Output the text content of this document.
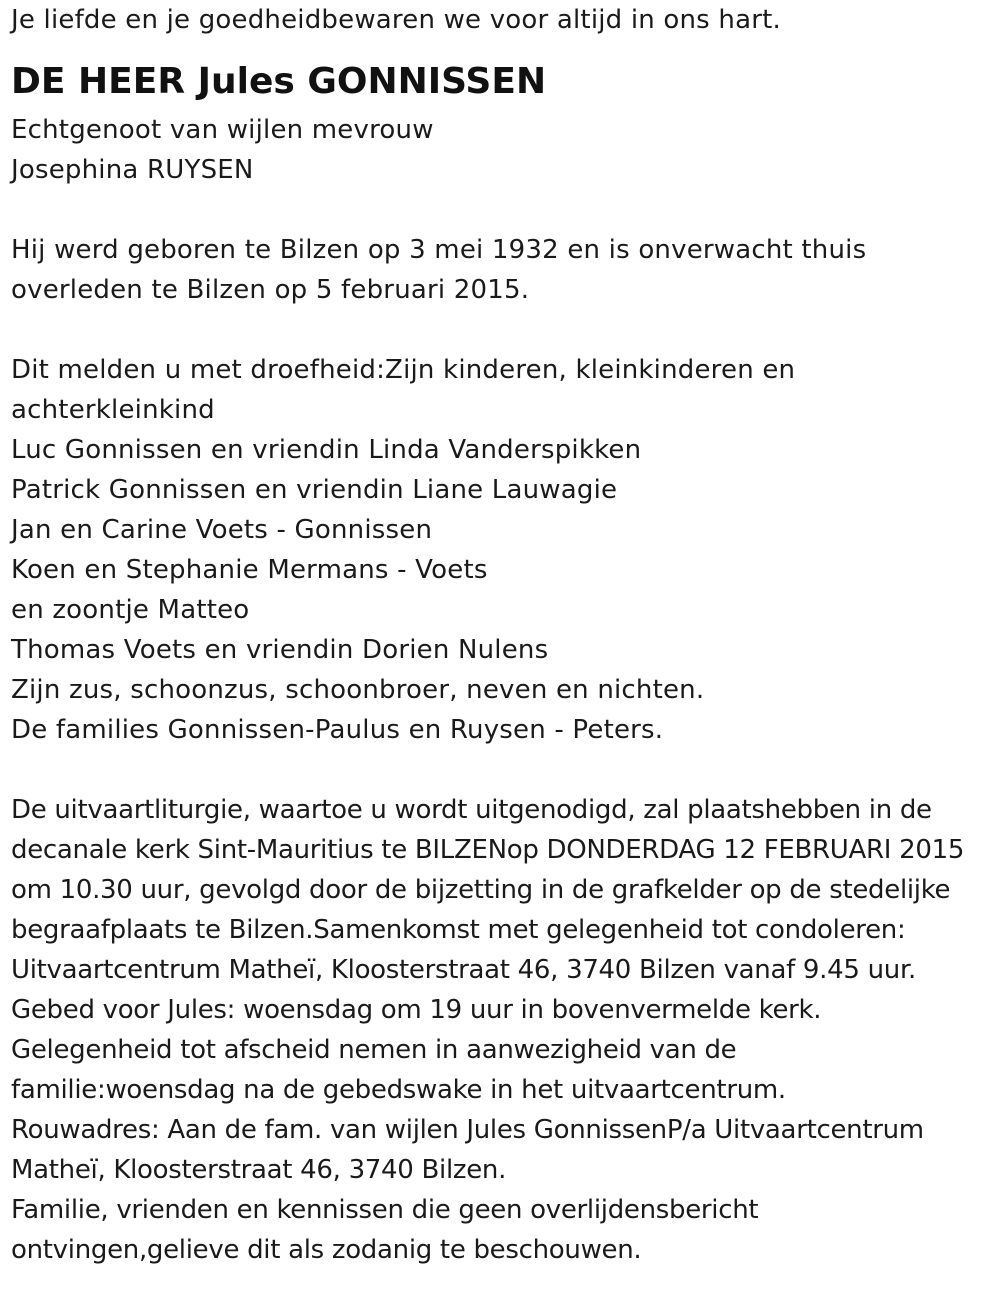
Je liefde en je goedheidbewaren we voor altijd in ons hart.
DE HEER Jules GONNISSEN
Echtgenoot van wijlen mevrouw
Josephina RUYSEN
Hij werd geboren te Bilzen op 3 mei 1932 en is onverwacht thuis
overleden te Bilzen op 5 februari 2015.
Dit melden u met droefheid:Zijn kinderen, kleinkinderen en
achterkleinkind
Luc Gonnissen en vriendin Linda Vanderspikken
Patrick Gonnissen en vriendin Liane Lauwagie
Jan en Carine Voets - Gonnissen
Koen en Stephanie Mermans - Voets
en zoontje Matteo
Thomas Voets en vriendin Dorien Nulens
Zijn zus, schoonzus, schoonbroer, neven en nichten.
De families Gonnissen-Paulus en Ruysen - Peters.
De uitvaartliturgie, waartoe u wordt uitgenodigd, zal plaatshebben in de
decanale kerk Sint-Mauritius te BILZENop DONDERDAG 12 FEBRUARI 2015
om 10.30 uur, gevolgd door de bijzetting in de grafkelder op de stedelijke
begraafplaats te Bilzen.Samenkomst met gelegenheid tot condoleren:
Uitvaartcentrum Matheï, Kloosterstraat 46, 3740 Bilzen vanaf 9.45 uur.
Gebed voor Jules: woensdag om 19 uur in bovenvermelde kerk.
Gelegenheid tot afscheid nemen in aanwezigheid van de
familie:woensdag na de gebedswake in het uitvaartcentrum.
Rouwadres: Aan de fam. van wijlen Jules GonnissenP/a Uitvaartcentrum
Matheï, Kloosterstraat 46, 3740 Bilzen.
Familie, vrienden en kennissen die geen overlijdensbericht
ontvingen,gelieve dit als zodanig te beschouwen.
